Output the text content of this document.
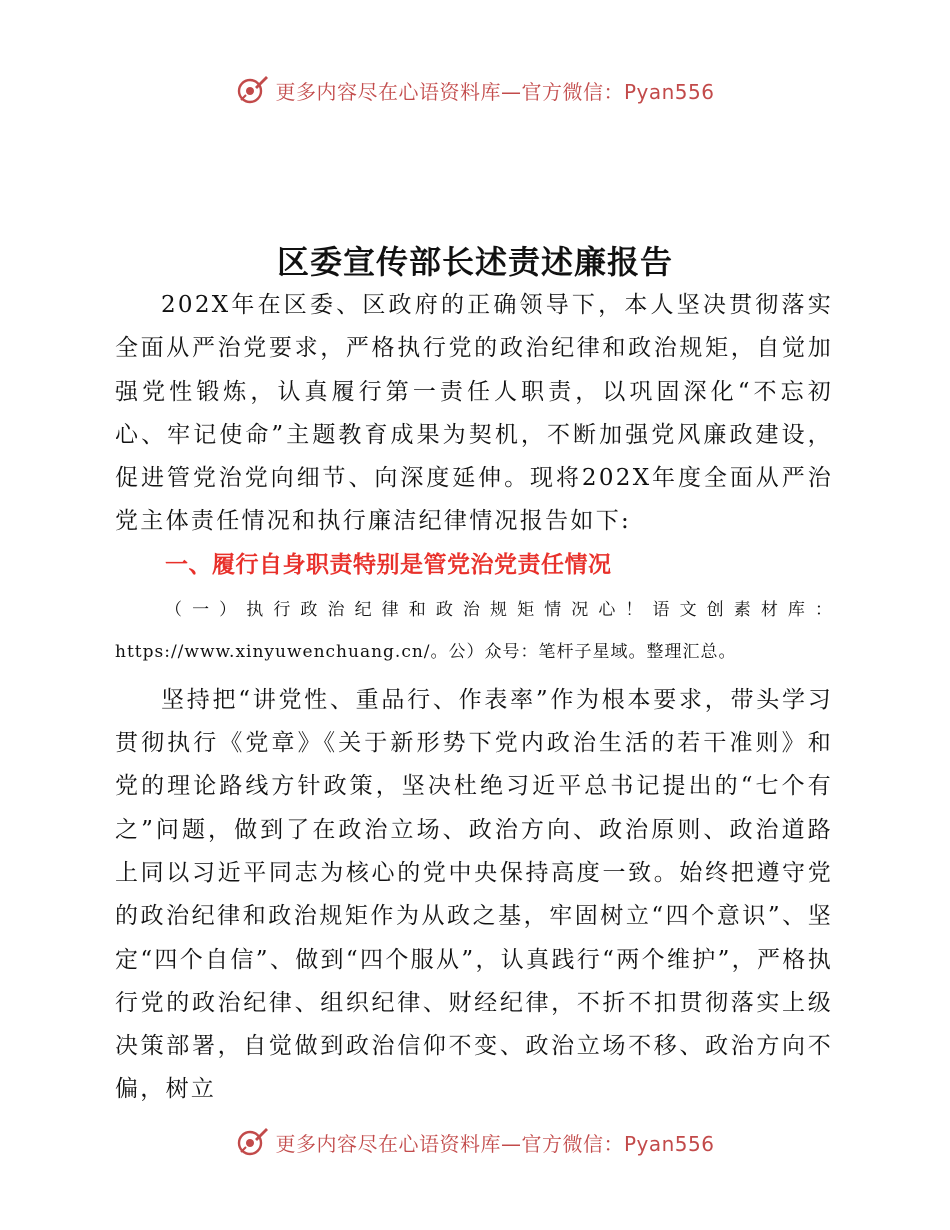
更多内容尽在心语资料库—官方微信：Pyan556
区委宣传部长述责述廉报告

202X年在区委、区政府的正确领导下，本人坚决贯彻落实全面从严治党要求，严格执行党的政治纪律和政治规矩，自觉加强党性锻炼，认真履行第一责任人职责，以巩固深化“不忘初心、牢记使命”主题教育成果为契机，不断加强党风廉政建设，促进管党治党向细节、向深度延伸。现将202X年度全面从严治党主体责任情况和执行廉洁纪律情况报告如下:

一、履行自身职责特别是管党治党责任情况

（一）执行政治纪律和政治规矩情况心！语文创素材库：https://www.xinyuwenchuang.cn/。公）众号：笔杆子星域。整理汇总。

坚持把“讲党性、重品行、作表率”作为根本要求，带头学习贯彻执行《党章》《关于新形势下党内政治生活的若干准则》和党的理论路线方针政策，坚决杜绝习近平总书记提出的“七个有之”问题，做到了在政治立场、政治方向、政治原则、政治道路上同以习近平同志为核心的党中央保持高度一致。始终把遵守党的政治纪律和政治规矩作为从政之基，牢固树立“四个意识”、坚定“四个自信”、做到“四个服从”，认真践行“两个维护”，严格执行党的政治纪律、组织纪律、财经纪律，不折不扣贯彻落实上级决策部署，自觉做到政治信仰不变、政治立场不移、政治方向不偏，树立

更多内容尽在心语资料库—官方微信：Pyan556
